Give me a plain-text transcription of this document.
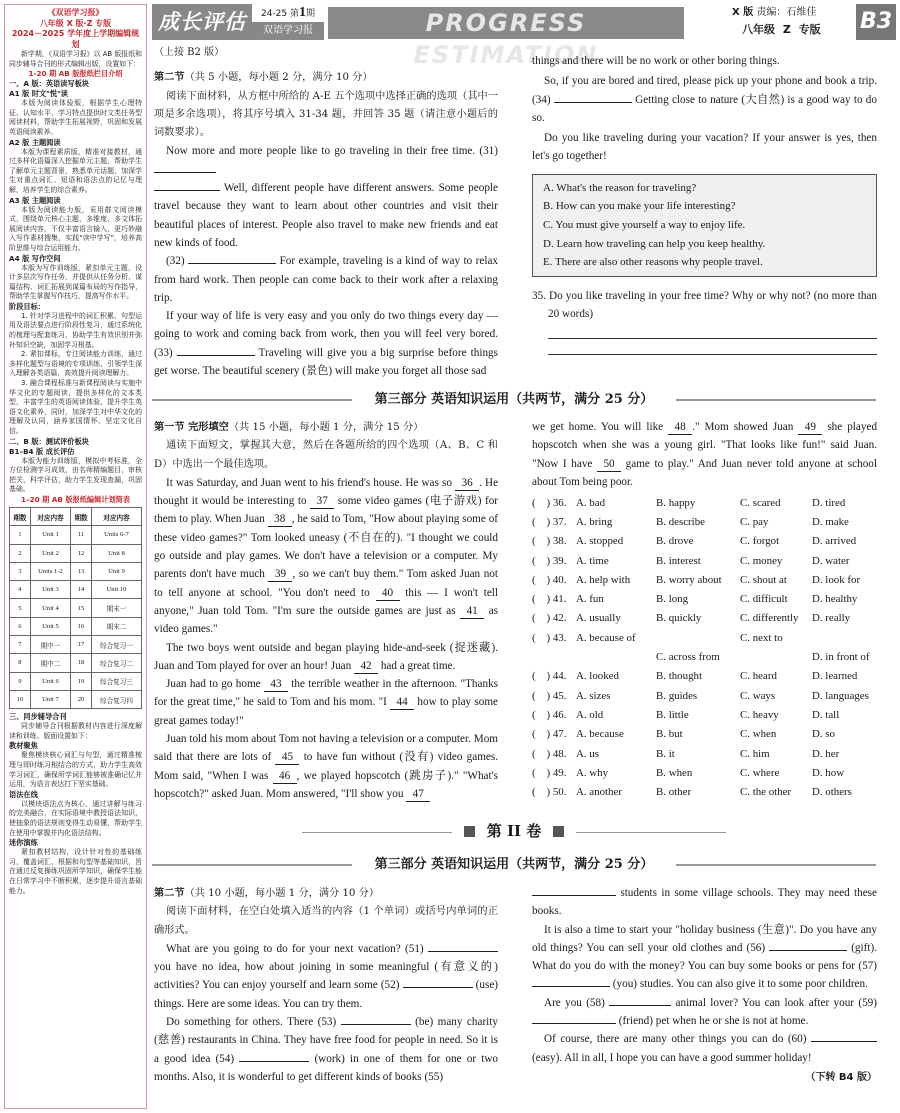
《双语学习报》
八年级 X 版·Z 专版
2024－2025 学年度上学期编辑规划
新学期，《双语学习报》以 AB 版报纸和同步辅导合刊的形式编辑出版，设置如下：
1-20 期 AB 版报纸栏目介绍
一、A 版：英语读写板块
A1 版 时文"悦"读
本版为阅读体验版，根据学生心理特征、认知水平、学习特点提供时文类任务型阅读材料，帮助学生拓展视野，巩固和发展英语阅读素养。
A2 版 主题阅读
本版为课程素质版，精准对接教材，通过多样化语篇深入挖掘单元主题，帮助学生了解单元主题背景，熟悉单元话题，加深学生对重点词汇、短语和语法点的记忆与理解，培养学生的综合素养。
A3 版 主题阅读
本版为阅读能力版，采用群文阅读模式，围绕单元核心主题，多维度、多文体拓展阅读内容，不仅丰富语言输入，更巧妙融入写作素材搜集，实践"读中学写"，培养高阶思维与综合运用能力。
A4 版 写作空间
本版为写作训练版，紧扣单元主题，设计多层次写作任务，并提供从任务分析、谋篇结构、词汇拓展到谋篇布局的写作指导，帮助学生掌握写作技巧，提高写作水平。
阶段目标：
1. 针对学习进程中的词汇积累、句型运用及语法要点进行阶段性复习，通过系统化的梳理与配套练习，协助学生有效识别并弥补知识空缺，加固学习根基。
2. 紧扣课标，专注阅读能力训练，通过多样化题型与语境的专项训练，引领学生深入理解各类语篇，高效提升阅读理解力。
3. 融合课程标准与新课程阅读与实施中华文化的专题阅读，提供多样化的文本类型，丰富学生的英语阅读体验，提升学生英语文化素养，同时，加深学生对中华文化的理解及认同，涵养家国情怀、坚定文化自信。
二、B 版：测试评价板块
B1–B4 版 成长评估
本版为能力训练版，模拟中考标准，全方位检测学习成效，由名师精编题目，审核把关，科学评估，助力学生发现查漏，巩固基础。
1–20 期 AB 版报纸编辑计划简表
期数	对应内容	期数	对应内容
1	Unit 1	11	Units 6-7
2	Unit 2	12	Unit 8
3	Units 1-2	13	Unit 9
4	Unit 3	14	Unit 10
5	Unit 4	15	期末一
6	Unit 5	16	期末二
7	期中一	17	综合复习一
8	期中二	18	综合复习二
9	Unit 6	19	综合复习三
10	Unit 7	20	综合复习四
三、同步辅导合刊
同步辅导合刊根据教材内容进行深度解读和训练。版面设置如下：
教材聚焦
聚焦模块核心词汇与句型，通过精准梳理与即时练习相结合的方式，助力学生高效学习词汇，确保所学词汇能够被准确记忆并运用，为语言表达打下坚实基础。
语法在线
以模块语法点为核心，通过讲解与练习的完美融合，在实际语境中教授语法知识，使抽象的语法规则变得生动易懂，帮助学生在使用中掌握并内化语法结构。
迷你演练
紧扣教材结构，设计针对性的基础练习，覆盖词汇、根据和句型等基础知识，旨在通过反复操练巩固所学知识，确保学生能在日常学习中不断积累，逐步提升语言基础能力。
成长评估	24-25 第1期
双语学习报	PROGRESS ESTIMATION
X 版 责编：石维佳
八年级 Z 专版 B3
（上接 B2 版）
第二节（共 5 小题，每小题 2 分，满分 10 分）

阅读下面材料，从方框中所给的 A-E 五个选项中选择正确的选项（其中一项是多余选项），将其序号填入 31-34 题，并回答 35 题（请注意小题后的词数要求）。

Now more and more people like to go traveling in their free time. (31)

Well, different people have different answers. Some people travel because they want to learn about other countries and visit their beautiful places of interest. People also travel to make new friends and eat new kinds of food.

(32)	For example, traveling is a kind of way to relax from hard work. Then people can come back to their work after a relaxing trip.

If your way of life is very easy and you only do two things every day — going to work and coming back from work, then you will feel very bored. (33)	Traveling will give you a big surprise before things get worse. The beautiful scenery (景色) will make you forget all those sad

things and there will be no work or other boring things.

So, if you are bored and tired, please pick up your phone and book a trip. (34)	Getting close to nature (大自然) is a good way to do so.

Do you like traveling during your vacation? If your answer is yes, then let's go together!

A. What's the reason for traveling?
B. How can you make your life interesting?
C. You must give yourself a way to enjoy life.
D. Learn how traveling can help you keep healthy.
E. There are also other reasons why people travel.

35. Do you like traveling in your free time? Why or why not? (no more than 20 words)

第三部分 英语知识运用（共两节，满分 25 分）
第一节 完形填空（共 15 小题，每小题 1 分，满分 15 分）

通读下面短文，掌握其大意，然后在各题所给的四个选项（A、B、C 和 D）中选出一个最佳选项。

It was Saturday, and Juan went to his friend's house. He was so 36 . He thought it would be interesting to 37 some video games (电子游戏) for them to play. When Juan 38 , he said to Tom, "How about playing some of these video games?" Tom looked uneasy (不自在的). "I thought we could go outside and play games. We don't have a television or a computer. My parents don't have much 39 , so we can't buy them." Tom asked Juan not to tell anyone at school. "You don't need to 40 this — I won't tell anyone," Juan told Tom. "I'm sure the outside games are just as 41 as video games."

The two boys went outside and began playing hide-and-seek (捉迷藏). Juan and Tom played for over an hour! Juan 42 had a great time.

Juan had to go home 43 the terrible weather in the afternoon. "Thanks for the great time," he said to Tom and his mom. "I 44 how to play some great games today!"

Juan told his mom about Tom not having a television or a computer. Mom said that there are lots of 45 to have fun without (没有) video games. Mom said, "When I was 46 , we played hopscotch (跳房子)." "What's hopscotch?" asked Juan. Mom answered, "I'll show you 47

we get home. You will like 48 ." Mom showed Juan 49 she played hopscotch when she was a young girl. "That looks like fun!" said Juan. "Now I have 50 game to play." And Juan never told anyone at school about Tom being poor.

(    ) 36. A. bad	B. happy	C. scared	D. tired
(    ) 37. A. bring	B. describe	C. pay	D. make
(    ) 38. A. stopped	B. drove	C. forgot	D. arrived
(    ) 39. A. time	B. interest	C. money	D. water
(    ) 40. A. help with	B. worry about	C. shout at	D. look for
(    ) 41. A. fun	B. long	C. difficult	D. healthy
(    ) 42. A. usually	B. quickly	C. differently	D. really
(    ) 43. A. because of	C. next to
C. across from	D. in front of
(    ) 44. A. looked	B. thought	C. heard	D. learned
(    ) 45. A. sizes	B. guides	C. ways	D. languages
(    ) 46. A. old	B. little	C. heavy	D. tall
(    ) 47. A. because	B. but	C. when	D. so
(    ) 48. A. us	B. it	C. him	D. her
(    ) 49. A. why	B. when	C. where	D. how
(    ) 50. A. another	B. other	C. the other	D. others
第 II 卷
第三部分 英语知识运用（共两节，满分 25 分）
第二节（共 10 小题，每小题 1 分，满分 10 分）

阅读下面材料，在空白处填入适当的内容（1 个单词）或括号内单词的正确形式。

What are you going to do for your next vacation? (51)  you have no idea, how about joining in some meaningful (有意义的) activities? You can enjoy yourself and learn some (52)	(use) things. Here are some ideas. You can try them.

Do something for others. There (53)	(be) many charity (慈善) restaurants in China. They have free food for people in need. So it is a good idea (54)	(work) in one of them for one or two months. Also, it is wonderful to get different kinds of books (55)

students in some village schools. They may need these books.

It is also a time to start your "holiday business (生意)". Do you have any old things? You can sell your old clothes and (56)	(gift). What do you do with the money? You can buy some books or pens for (57)  (you) studies. You can also give it to some poor children.

Are you (58)	animal lover? You can look after your (59)  (friend) pet when he or she is not at home.

Of course, there are many other things you can do (60)  (easy). All in all, I hope you can have a good summer holiday!

（下转 B4 版）
